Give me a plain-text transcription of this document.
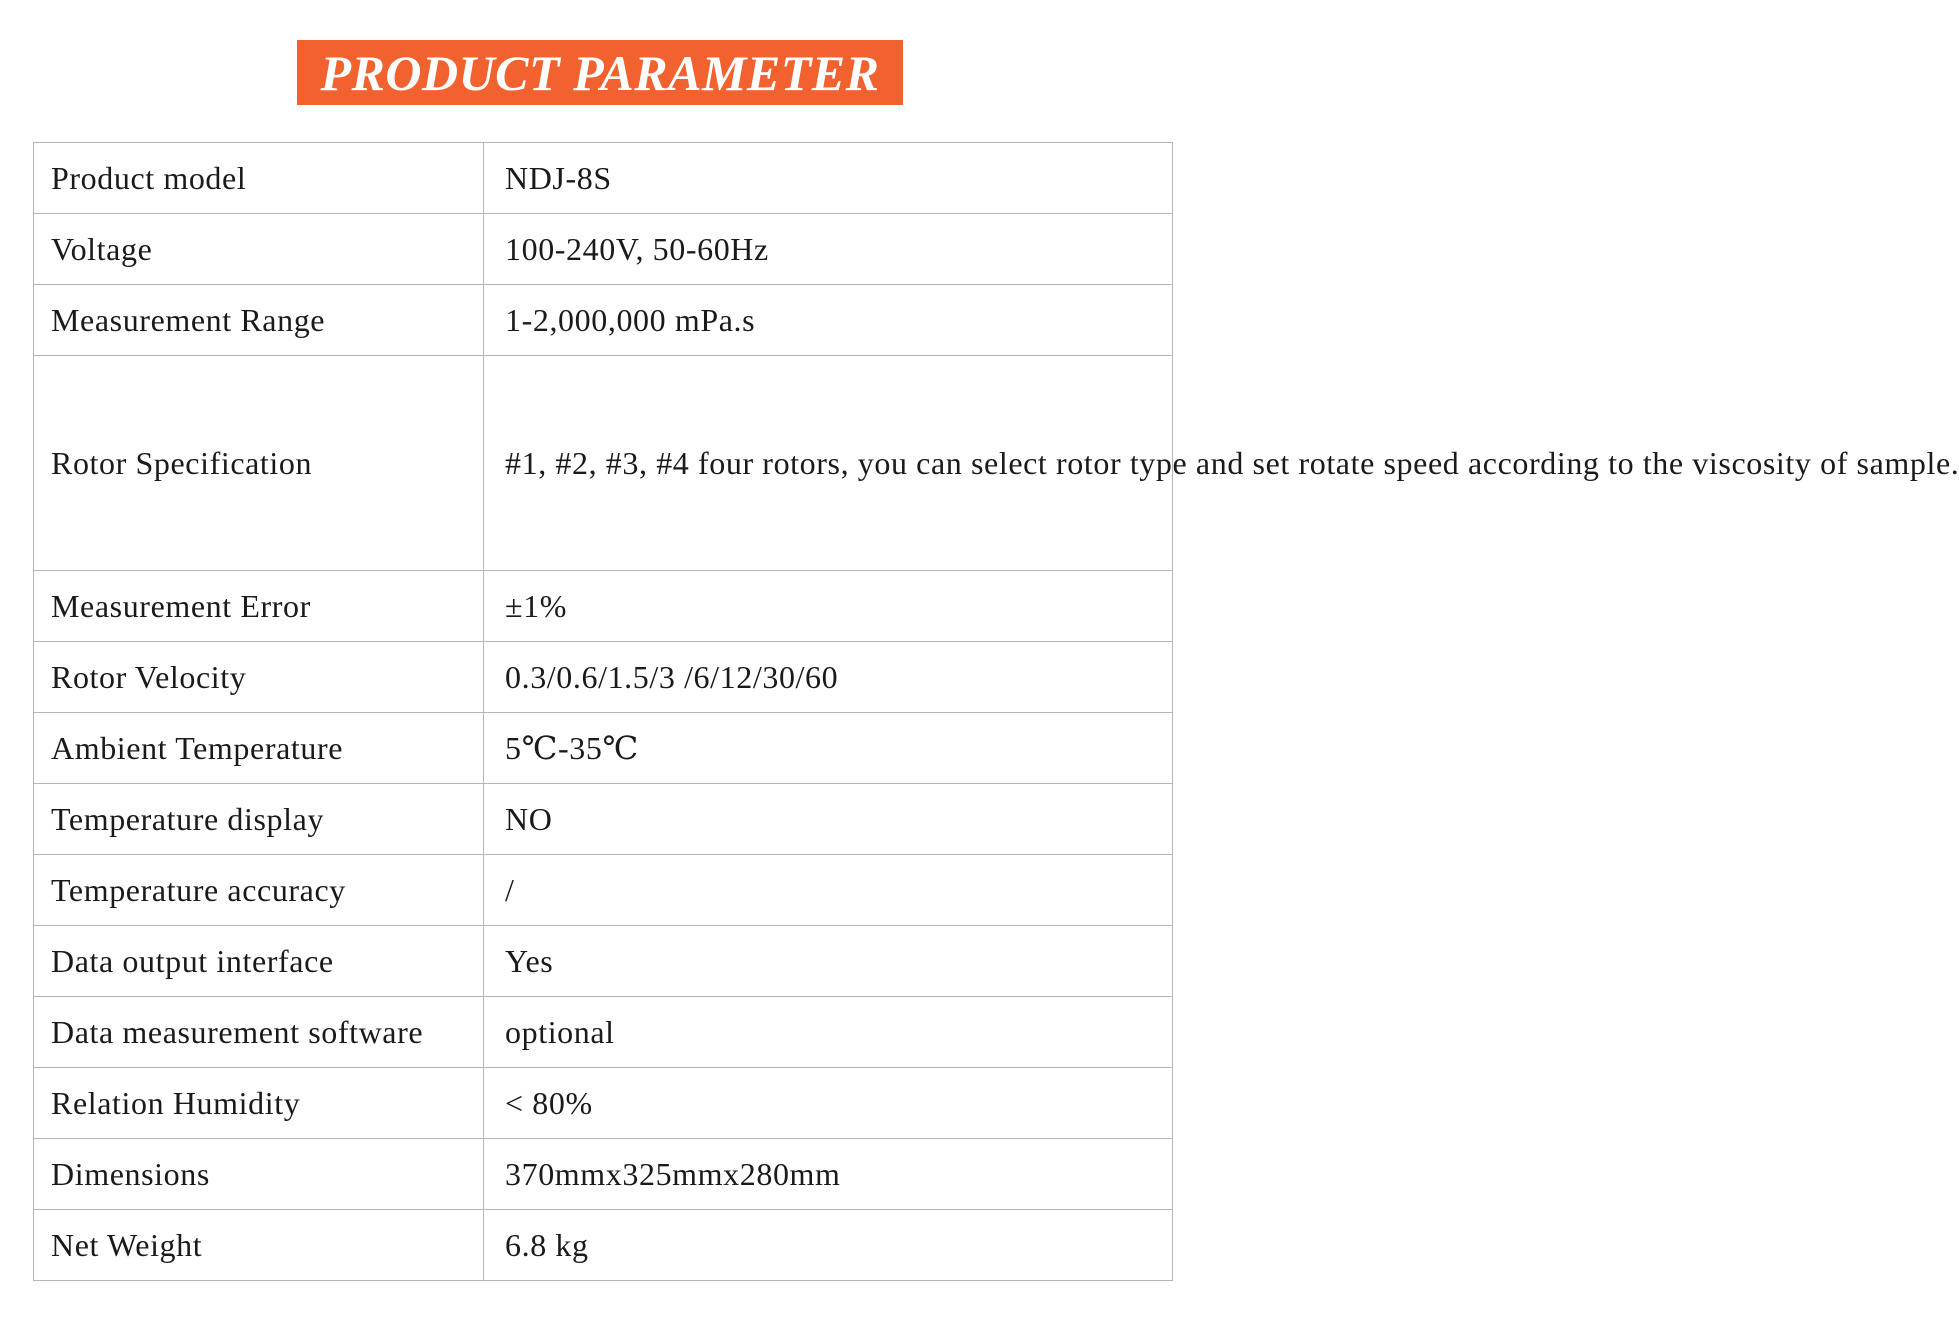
PRODUCT PARAMETER
Product model	NDJ-8S
Voltage	100-240V, 50-60Hz
Measurement Range	1-2,000,000 mPa.s
Rotor Specification	#1, #2, #3, #4 four rotors, you can select rotor type and set rotate speed according to the viscosity of sample.
Measurement Error	±1%
Rotor Velocity	0.3/0.6/1.5/3 /6/12/30/60
Ambient Temperature	5℃-35℃
Temperature display	NO
Temperature accuracy	/
Data output interface	Yes
Data measurement software	optional
Relation Humidity	< 80%
Dimensions	370mmx325mmx280mm
Net Weight	6.8 kg
